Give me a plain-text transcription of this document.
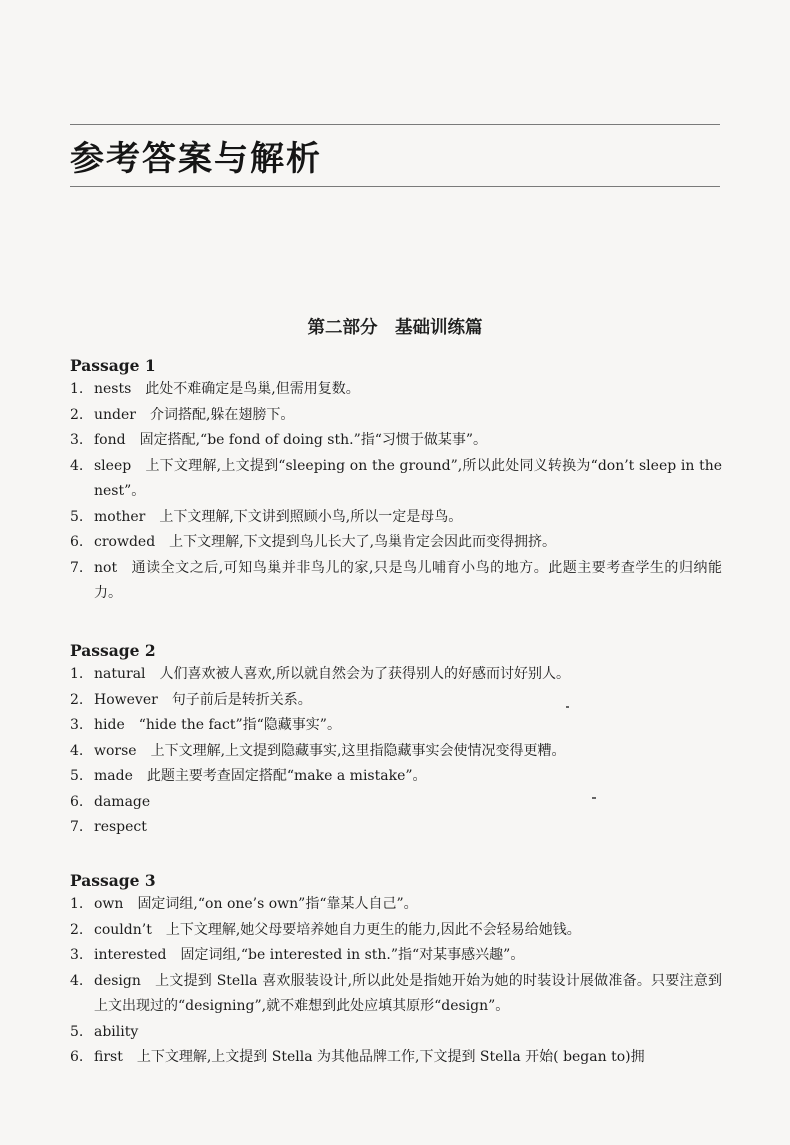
参考答案与解析
第二部分　基础训练篇
Passage 1
1. nests 此处不难确定是鸟巢,但需用复数。
2. under 介词搭配,躲在翅膀下。
3. fond 固定搭配,“be fond of doing sth.”指“习惯于做某事”。
4. sleep 上下文理解,上文提到“sleeping on the ground”,所以此处同义转换为“don’t sleep in the nest”。
5. mother 上下文理解,下文讲到照顾小鸟,所以一定是母鸟。
6. crowded 上下文理解,下文提到鸟儿长大了,鸟巢肯定会因此而变得拥挤。
7. not 通读全文之后,可知鸟巢并非鸟儿的家,只是鸟儿哺育小鸟的地方。此题主要考查学生的归纳能力。
Passage 2
1. natural 人们喜欢被人喜欢,所以就自然会为了获得别人的好感而讨好别人。
2. However 句子前后是转折关系。
3. hide “hide the fact”指“隐藏事实”。
4. worse 上下文理解,上文提到隐藏事实,这里指隐藏事实会使情况变得更糟。
5. made 此题主要考查固定搭配“make a mistake”。
6. damage
7. respect
Passage 3
1. own 固定词组,“on one’s own”指“靠某人自己”。
2. couldn’t 上下文理解,她父母要培养她自力更生的能力,因此不会轻易给她钱。
3. interested 固定词组,“be interested in sth.”指“对某事感兴趣”。
4. design 上文提到 Stella 喜欢服装设计,所以此处是指她开始为她的时装设计展做准备。只要注意到上文出现过的“designing”,就不难想到此处应填其原形“design”。
5. ability
6. first 上下文理解,上文提到 Stella 为其他品牌工作,下文提到 Stella 开始( began to)拥
